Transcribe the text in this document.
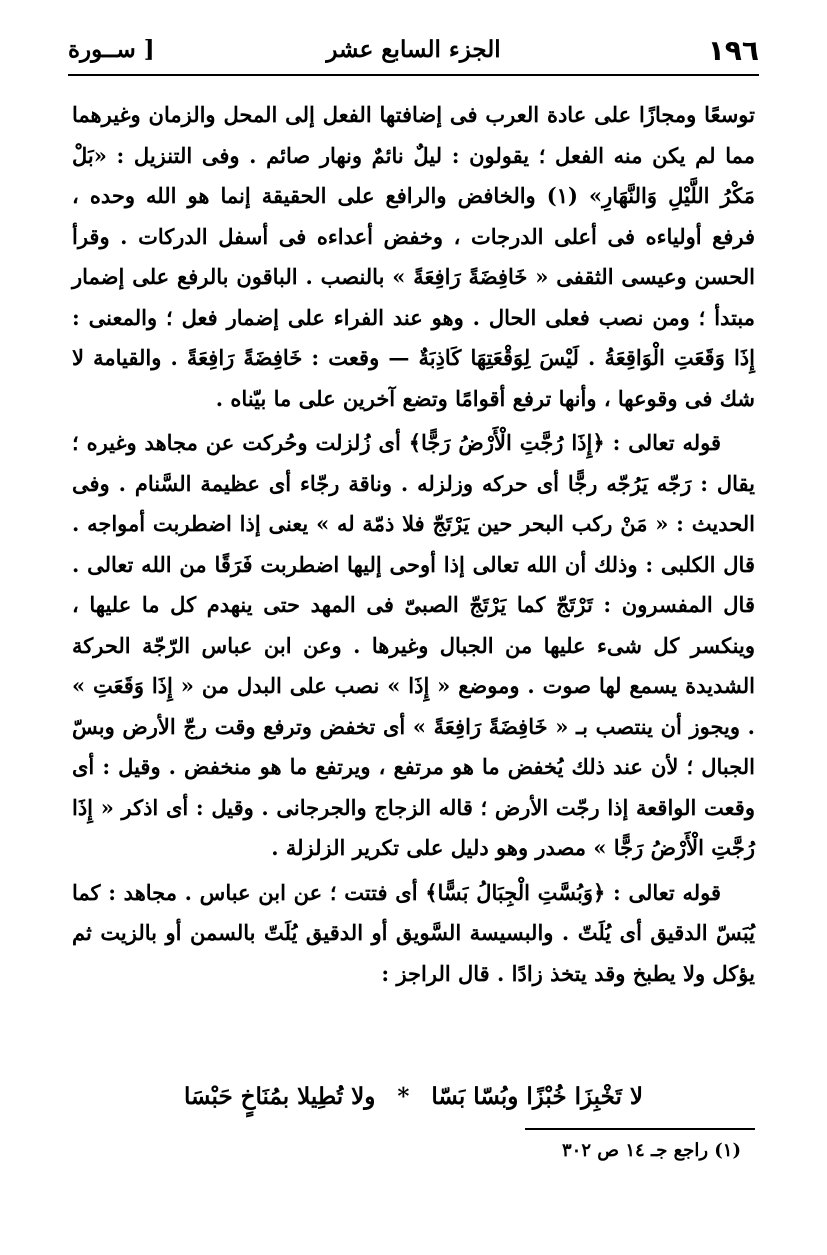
١٩٦
الجزء السابع عشر
[ ســورة

توسعًا ومجازًا على عادة العرب فى إضافتها الفعل إلى المحل والزمان وغيرهما مما لم يكن منه الفعل ؛ يقولون : ليلٌ نائمٌ ونهار صائم . وفى التنزيل : «بَلْ مَكْرُ اللَّيْلِ وَالنَّهَارِ» (١) والخافض والرافع على الحقيقة إنما هو الله وحده ، فرفع أولياءه فى أعلى الدرجات ، وخفض أعداءه فى أسفل الدركات . وقرأ الحسن وعيسى الثقفى « خَافِضَةً رَافِعَةً » بالنصب . الباقون بالرفع على إضمار مبتدأ ؛ ومن نصب فعلى الحال . وهو عند الفراء على إضمار فعل ؛ والمعنى : إِذَا وَقَعَتِ الْوَاقِعَةُ . لَيْسَ لِوَقْعَتِهَا كَاذِبَةٌ — وقعت : خَافِضَةً رَافِعَةً . والقيامة لا شك فى وقوعها ، وأنها ترفع أقوامًا وتضع آخرين على ما بيّناه .

قوله تعالى : ﴿إِذَا رُجَّتِ الْأَرْضُ رَجًّا﴾ أى زُلزلت وحُركت عن مجاهد وغيره ؛ يقال : رَجّه يَرُجّه رجًّا أى حركه وزلزله . وناقة رجّاء أى عظيمة السَّنام . وفى الحديث : « مَنْ ركب البحر حين يَرْتَجّ فلا ذمّة له » يعنى إذا اضطربت أمواجه . قال الكلبى : وذلك أن الله تعالى إذا أوحى إليها اضطربت فَرَقًا من الله تعالى . قال المفسرون : تَرْتَجّ كما يَرْتَجّ الصبىّ فى المهد حتى ينهدم كل ما عليها ، وينكسر كل شىء عليها من الجبال وغيرها . وعن ابن عباس الرّجّة الحركة الشديدة يسمع لها صوت . وموضع « إِذَا » نصب على البدل من « إِذَا وَقَعَتِ » . ويجوز أن ينتصب بـ « خَافِضَةً رَافِعَةً » أى تخفض وترفع وقت رجّ الأرض وبسّ الجبال ؛ لأن عند ذلك يُخفض ما هو مرتفع ، ويرتفع ما هو منخفض . وقيل : أى وقعت الواقعة إذا رجّت الأرض ؛ قاله الزجاج والجرجانى . وقيل : أى اذكر « إِذَا رُجَّتِ الْأَرْضُ رَجًّا » مصدر وهو دليل على تكرير الزلزلة .

قوله تعالى : ﴿وَبُسَّتِ الْجِبَالُ بَسًّا﴾ أى فتتت ؛ عن ابن عباس . مجاهد : كما يُبَسّ الدقيق أى يُلَتّ . والبسيسة السَّويق أو الدقيق يُلَتّ بالسمن أو بالزيت ثم يؤكل ولا يطبخ وقد يتخذ زادًا . قال الراجز :

لا تَخْبِزَا خُبْزًا وبُسّا بَسّا*ولا تُطِيلا بمُنَاخٍ حَبْسَا
(١) راجع جـ ١٤ ص ٣٠٢
